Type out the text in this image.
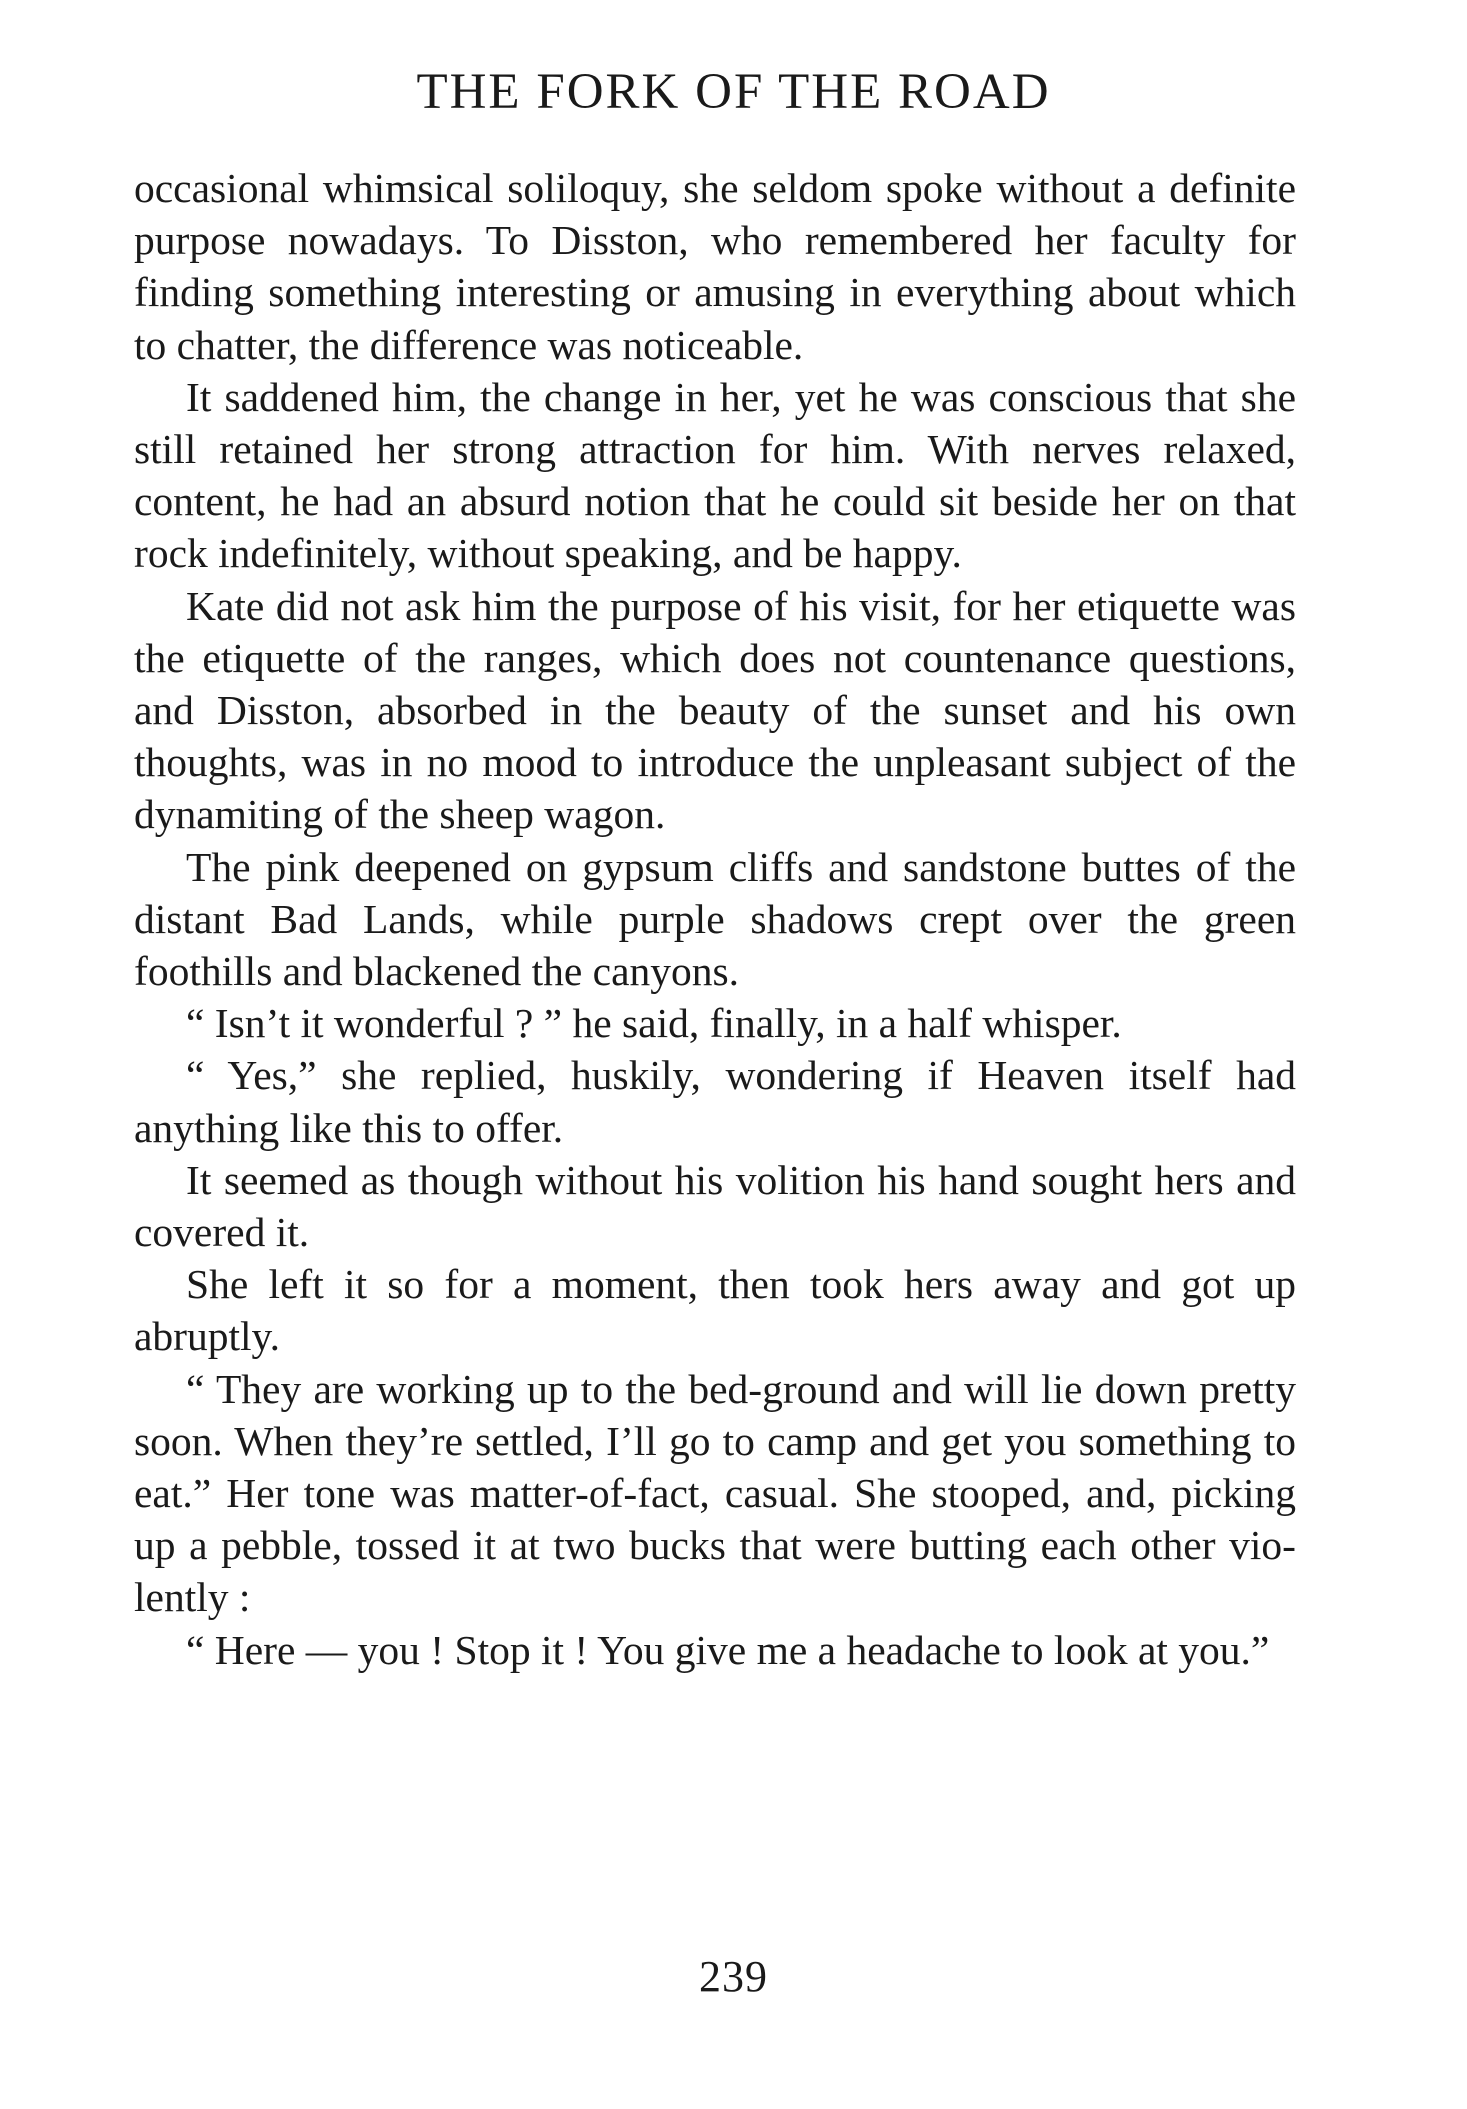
THE FORK OF THE ROAD

occasional whimsical soliloquy, she seldom spoke without a definite purpose nowadays. To Disston, who remembered her faculty for finding something interesting or amusing in everything about which to chatter, the difference was noticeable.

It saddened him, the change in her, yet he was conscious that she still retained her strong attraction for him. With nerves relaxed, content, he had an absurd notion that he could sit beside her on that rock indefinitely, without speaking, and be happy.

Kate did not ask him the purpose of his visit, for her etiquette was the etiquette of the ranges, which does not countenance questions, and Disston, absorbed in the beauty of the sunset and his own thoughts, was in no mood to introduce the unpleasant subject of the dynamiting of the sheep wagon.

The pink deepened on gypsum cliffs and sandstone buttes of the distant Bad Lands, while purple shadows crept over the green foothills and blackened the canyons.

“ Isn’t it wonderful ? ” he said, finally, in a half whisper.

“ Yes,” she replied, huskily, wondering if Heaven itself had anything like this to offer.

It seemed as though without his volition his hand sought hers and covered it.

She left it so for a moment, then took hers away and got up abruptly.

“ They are working up to the bed-ground and will lie down pretty soon. When they’re settled, I’ll go to camp and get you something to eat.” Her tone was matter-of-fact, casual. She stooped, and, picking up a pebble, tossed it at two bucks that were butting each other violently :

“ Here — you ! Stop it ! You give me a headache to look at you.”

239
